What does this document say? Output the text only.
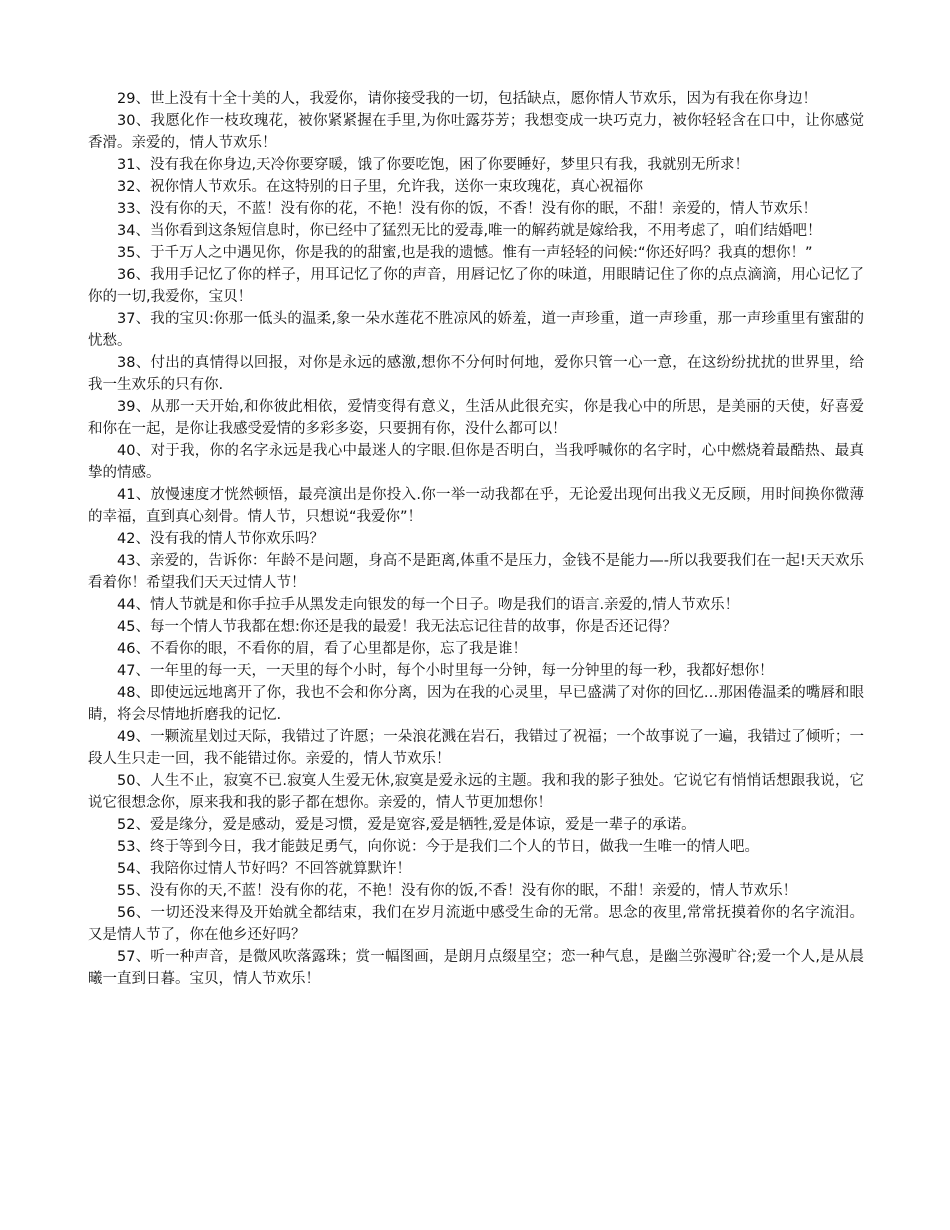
29、世上没有十全十美的人，我爱你，请你接受我的一切，包括缺点，愿你情人节欢乐，因为有我在你身边！

30、我愿化作一枝玫瑰花，被你紧紧握在手里,为你吐露芬芳；我想变成一块巧克力，被你轻轻含在口中，让你感觉香滑。亲爱的，情人节欢乐！

31、没有我在你身边,天冷你要穿暖，饿了你要吃饱，困了你要睡好，梦里只有我，我就别无所求！

32、祝你情人节欢乐。在这特别的日子里，允许我，送你一束玫瑰花，真心祝福你

33、没有你的天，不蓝！没有你的花，不艳！没有你的饭，不香！没有你的眠，不甜！亲爱的，情人节欢乐！

34、当你看到这条短信息时，你已经中了猛烈无比的爱毒,唯一的解药就是嫁给我，不用考虑了，咱们结婚吧！

35、于千万人之中遇见你，你是我的的甜蜜,也是我的遗憾。惟有一声轻轻的问候:“你还好吗？我真的想你！”

36、我用手记忆了你的样子，用耳记忆了你的声音，用唇记忆了你的味道，用眼睛记住了你的点点滴滴，用心记忆了你的一切,我爱你，宝贝！

37、我的宝贝:你那一低头的温柔,象一朵水莲花不胜凉风的娇羞，道一声珍重，道一声珍重，那一声珍重里有蜜甜的忧愁。

38、付出的真情得以回报，对你是永远的感激,想你不分何时何地，爱你只管一心一意，在这纷纷扰扰的世界里，给我一生欢乐的只有你.

39、从那一天开始,和你彼此相依，爱情变得有意义，生活从此很充实，你是我心中的所思，是美丽的天使，好喜爱和你在一起，是你让我感受爱情的多彩多姿，只要拥有你，没什么都可以！

40、对于我，你的名字永远是我心中最迷人的字眼.但你是否明白，当我呼喊你的名字时，心中燃烧着最酷热、最真挚的情感。

41、放慢速度才恍然顿悟，最亮演出是你投入.你一举一动我都在乎，无论爱出现何出我义无反顾，用时间换你微薄的幸福，直到真心刻骨。情人节，只想说“我爱你”！

42、没有我的情人节你欢乐吗？

43、亲爱的，告诉你：年龄不是问题，身高不是距离,体重不是压力，金钱不是能力—-所以我要我们在一起!天天欢乐看着你！希望我们天天过情人节！

44、情人节就是和你手拉手从黑发走向银发的每一个日子。吻是我们的语言.亲爱的,情人节欢乐！

45、每一个情人节我都在想:你还是我的最爱！我无法忘记往昔的故事，你是否还记得？

46、不看你的眼，不看你的眉，看了心里都是你，忘了我是谁！

47、一年里的每一天，一天里的每个小时，每个小时里每一分钟，每一分钟里的每一秒，我都好想你！

48、即使远远地离开了你，我也不会和你分离，因为在我的心灵里，早已盛满了对你的回忆…那困倦温柔的嘴唇和眼睛，将会尽情地折磨我的记忆.

49、一颗流星划过天际，我错过了许愿；一朵浪花溅在岩石，我错过了祝福；一个故事说了一遍，我错过了倾听；一段人生只走一回，我不能错过你。亲爱的，情人节欢乐！

50、人生不止，寂寞不已.寂寞人生爱无休,寂寞是爱永远的主题。我和我的影子独处。它说它有悄悄话想跟我说，它说它很想念你，原来我和我的影子都在想你。亲爱的，情人节更加想你！

52、爱是缘分，爱是感动，爱是习惯，爱是宽容,爱是牺牲,爱是体谅，爱是一辈子的承诺。

53、终于等到今日，我才能鼓足勇气，向你说：今于是我们二个人的节日，做我一生唯一的情人吧。

54、我陪你过情人节好吗？不回答就算默许！

55、没有你的天,不蓝！没有你的花，不艳！没有你的饭,不香！没有你的眠，不甜！亲爱的，情人节欢乐！

56、一切还没来得及开始就全都结束，我们在岁月流逝中感受生命的无常。思念的夜里,常常抚摸着你的名字流泪。又是情人节了，你在他乡还好吗？

57、听一种声音，是微风吹落露珠；赏一幅图画，是朗月点缀星空；恋一种气息，是幽兰弥漫旷谷;爱一个人,是从晨曦一直到日暮。宝贝，情人节欢乐！
